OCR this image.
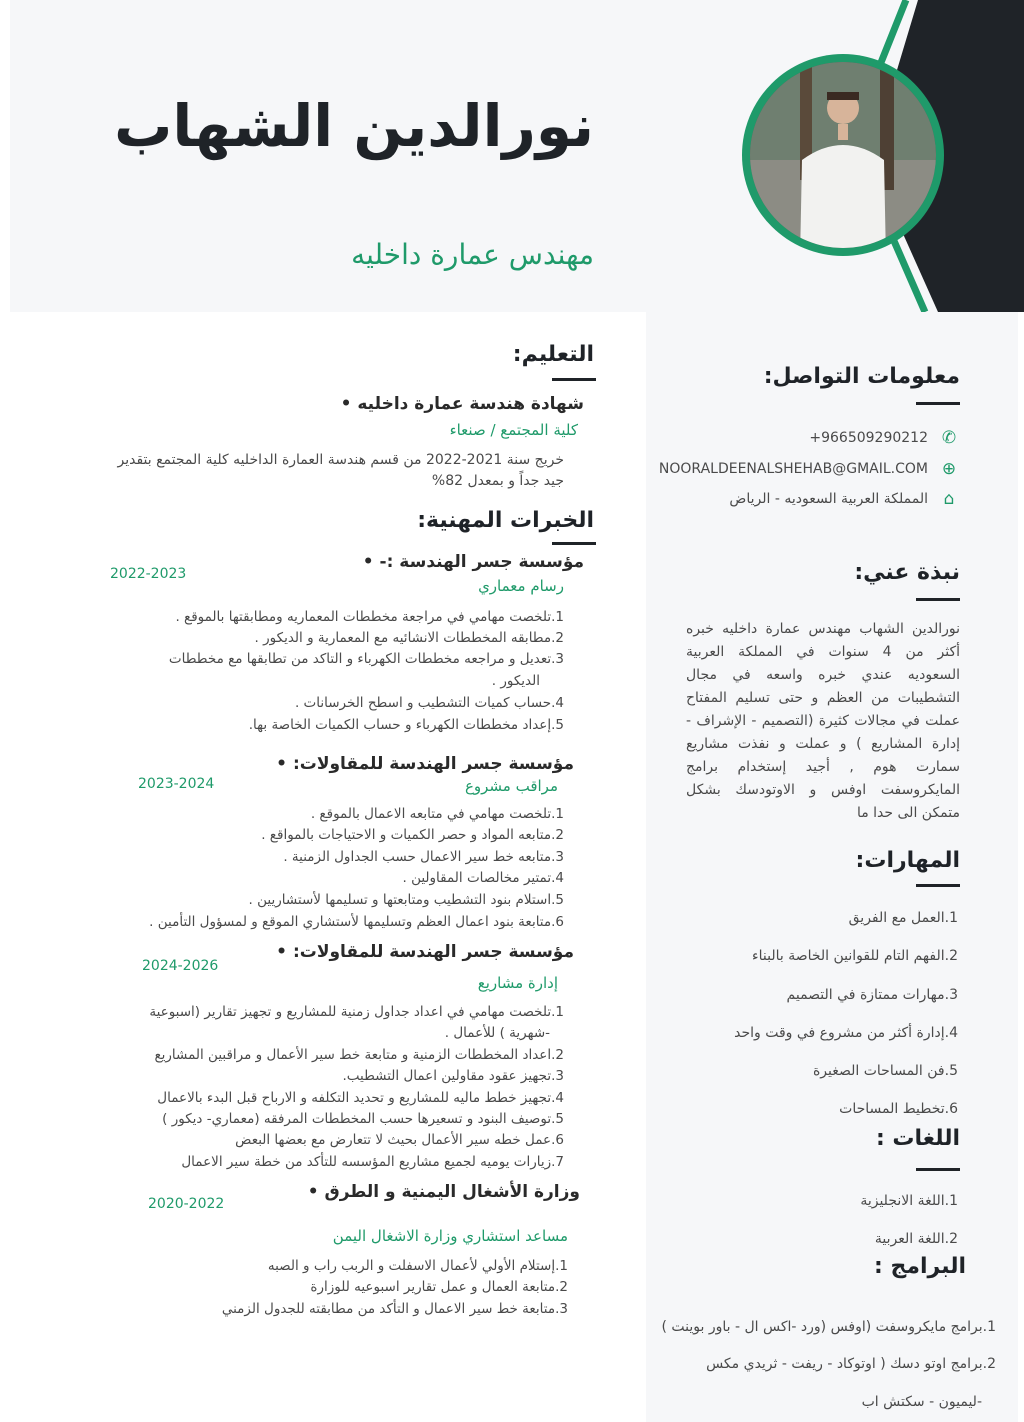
نورالدين الشهاب
مهندس عمارة داخليه
معلومات التواصل:
✆
+966509290212
⊕
NOORALDEENALSHEHAB@GMAIL.COM
⌂
المملكة العربية السعوديه - الرياض
نبذة عني:
نورالدين الشهاب مهندس عمارة داخليه خبره أكثر من 4 سنوات في المملكة العربية السعوديه عندي خبره واسعه في مجال التشطيبات من العظم و حتى تسليم المفتاح عملت في مجالات كثيرة (التصميم - الإشراف - إدارة المشاريع ) و عملت و نفذت مشاريع سمارت هوم , أجيد إستخدام برامج المايكروسفت اوفس و الاوتودسك بشكل متمكن الى حدا ما
المهارات:
1.العمل مع الفريق
2.الفهم التام للقوانين الخاصة بالبناء
3.مهارات ممتازة في التصميم
4.إدارة أكثر من مشروع في وقت واحد
5.فن المساحات الصغيرة
6.تخطيط المساحات
اللغات :
1.اللغة الانجليزية
2.اللغة العربية
البرامج :
1.برامج مايكروسفت (اوفس (ورد -اكس ال - باور بوينت )
2.برامج اوتو دسك ( اوتوكاد - ريفت - ثريدي مكس
-ليميون - سكتش اب
التعليم:
شهادة هندسة عمارة داخليه •
كلية المجتمع / صنعاء
خريج سنة 2021-2022 من قسم هندسة العمارة الداخليه كلية المجتمع بتقدير
جيد جداً و بمعدل 82%
الخبرات المهنية:
مؤسسة جسر الهندسة :- •
رسام معماري
2022-2023
1.تلخصت مهامي في مراجعة مخططات المعماريه ومطابقتها بالموقع .
2.مطابقه المخططات الانشائيه مع المعمارية و الديكور .
3.تعديل و مراجعه مخططات الكهرباء و التاكد من تطابقها مع مخططات
الديكور .
4.حساب كميات التشطيب و اسطح الخرسانات .
5.إعداد مخططات الكهرباء و حساب الكميات الخاصة بها.
مؤسسة جسر الهندسة للمقاولات: •
مراقب مشروع
2023-2024
1.تلخصت مهامي في متابعه الاعمال بالموقع .
2.متابعه المواد و حصر الكميات و الاحتياجات بالمواقع .
3.متابعه خط سير الاعمال حسب الجداول الزمنية .
4.تمتير مخالصات المقاولين .
5.استلام بنود التشطيب ومتابعتها و تسليمها لأستشاريين .
6.متابعة بنود اعمال العظم وتسليمها لأستشاري الموقع و لمسؤول التأمين .
مؤسسة جسر الهندسة للمقاولات: •
2024-2026
إدارة مشاريع
1.تلخصت مهامي في اعداد جداول زمنية للمشاريع و تجهيز تقارير (اسبوعية
-شهرية ) للأعمال .
2.اعداد المخططات الزمنية و متابعة خط سير الأعمال و مراقبين المشاريع
3.تجهيز عقود مقاولين اعمال التشطيب.
4.تجهيز خطط ماليه للمشاريع و تحديد التكلفه و الارباح قبل البدء بالاعمال
5.توصيف البنود و تسعيرها حسب المخططات المرفقه (معماري- ديكور )
6.عمل خطه سير الأعمال بحيث لا تتعارض مع بعضها البعض
7.زيارات يوميه لجميع مشاريع المؤسسه للتأكد من خطة سير الاعمال
وزارة الأشغال اليمنية و الطرق •
2020-2022
مساعد استشاري وزارة الاشغال اليمن
1.إستلام الأولي لأعمال الاسفلت و الربب راب و الصبه
2.متابعة العمال و عمل تقارير اسبوعيه للوزارة
3.متابعة خط سير الاعمال و التأكد من مطابقته للجدول الزمني
